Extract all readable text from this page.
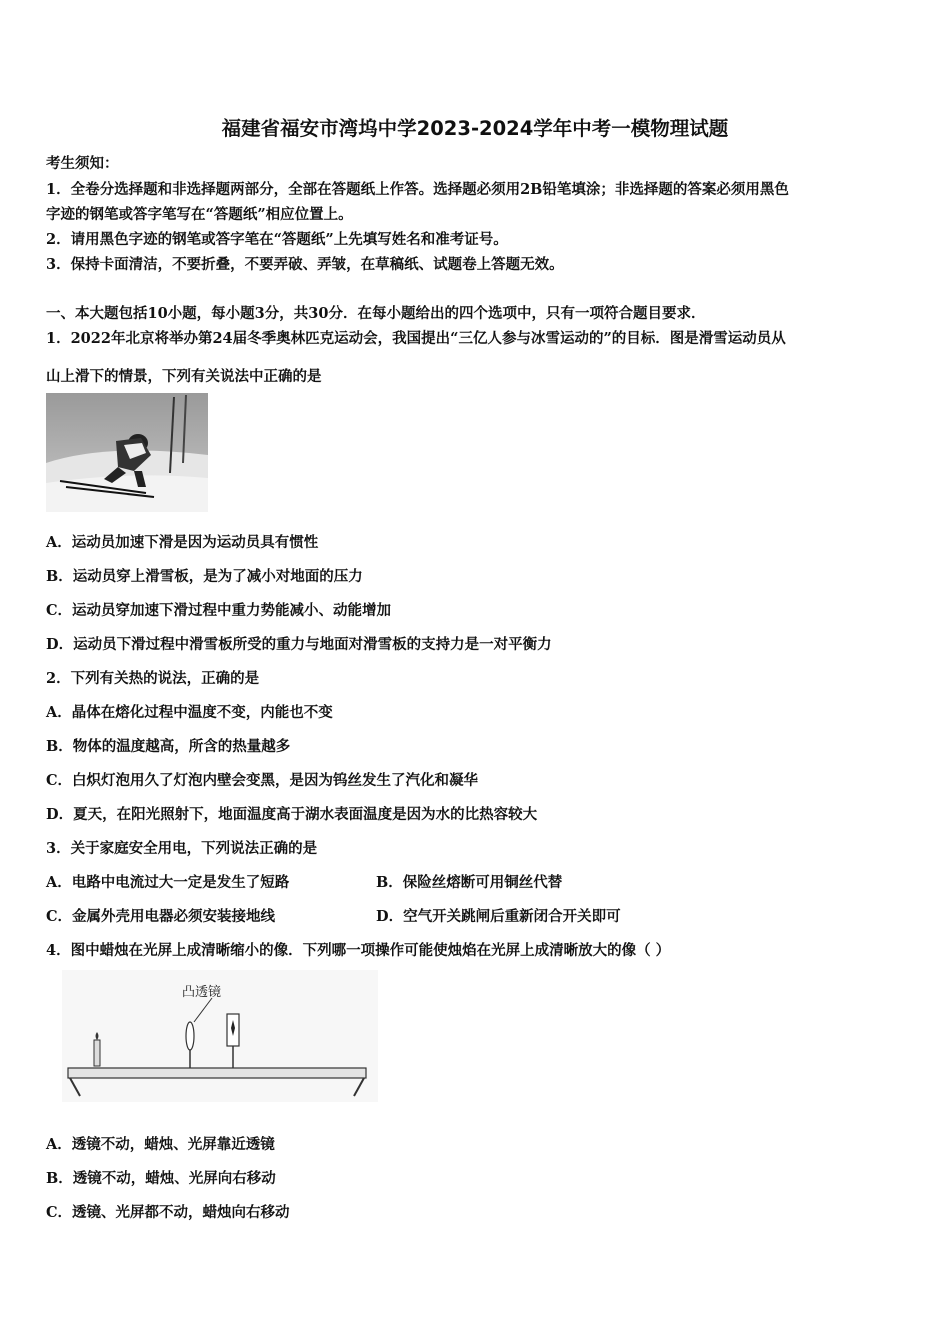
福建省福安市湾坞中学2023-2024学年中考一模物理试题
考生须知：
1．全卷分选择题和非选择题两部分，全部在答题纸上作答。选择题必须用2B铅笔填涂；非选择题的答案必须用黑色
字迹的钢笔或答字笔写在“答题纸”相应位置上。
2．请用黑色字迹的钢笔或答字笔在“答题纸”上先填写姓名和准考证号。
3．保持卡面清洁，不要折叠，不要弄破、弄皱，在草稿纸、试题卷上答题无效。
一、本大题包括10小题，每小题3分，共30分．在每小题给出的四个选项中，只有一项符合题目要求．
1．2022年北京将举办第24届冬季奥林匹克运动会，我国提出“三亿人参与冰雪运动的”的目标．图是滑雪运动员从
山上滑下的情景，下列有关说法中正确的是
A．运动员加速下滑是因为运动员具有惯性
B．运动员穿上滑雪板，是为了减小对地面的压力
C．运动员穿加速下滑过程中重力势能减小、动能增加
D．运动员下滑过程中滑雪板所受的重力与地面对滑雪板的支持力是一对平衡力
2．下列有关热的说法，正确的是
A．晶体在熔化过程中温度不变，内能也不变
B．物体的温度越高，所含的热量越多
C．白炽灯泡用久了灯泡内壁会变黑，是因为钨丝发生了汽化和凝华
D．夏天，在阳光照射下，地面温度高于湖水表面温度是因为水的比热容较大
3．关于家庭安全用电，下列说法正确的是
A．电路中电流过大一定是发生了短路	B．保险丝熔断可用铜丝代替
C．金属外壳用电器必须安装接地线	D．空气开关跳闸后重新闭合开关即可
4．图中蜡烛在光屏上成清晰缩小的像．下列哪一项操作可能使烛焰在光屏上成清晰放大的像（ ）
凸透镜
A．透镜不动，蜡烛、光屏靠近透镜
B．透镜不动，蜡烛、光屏向右移动
C．透镜、光屏都不动，蜡烛向右移动
